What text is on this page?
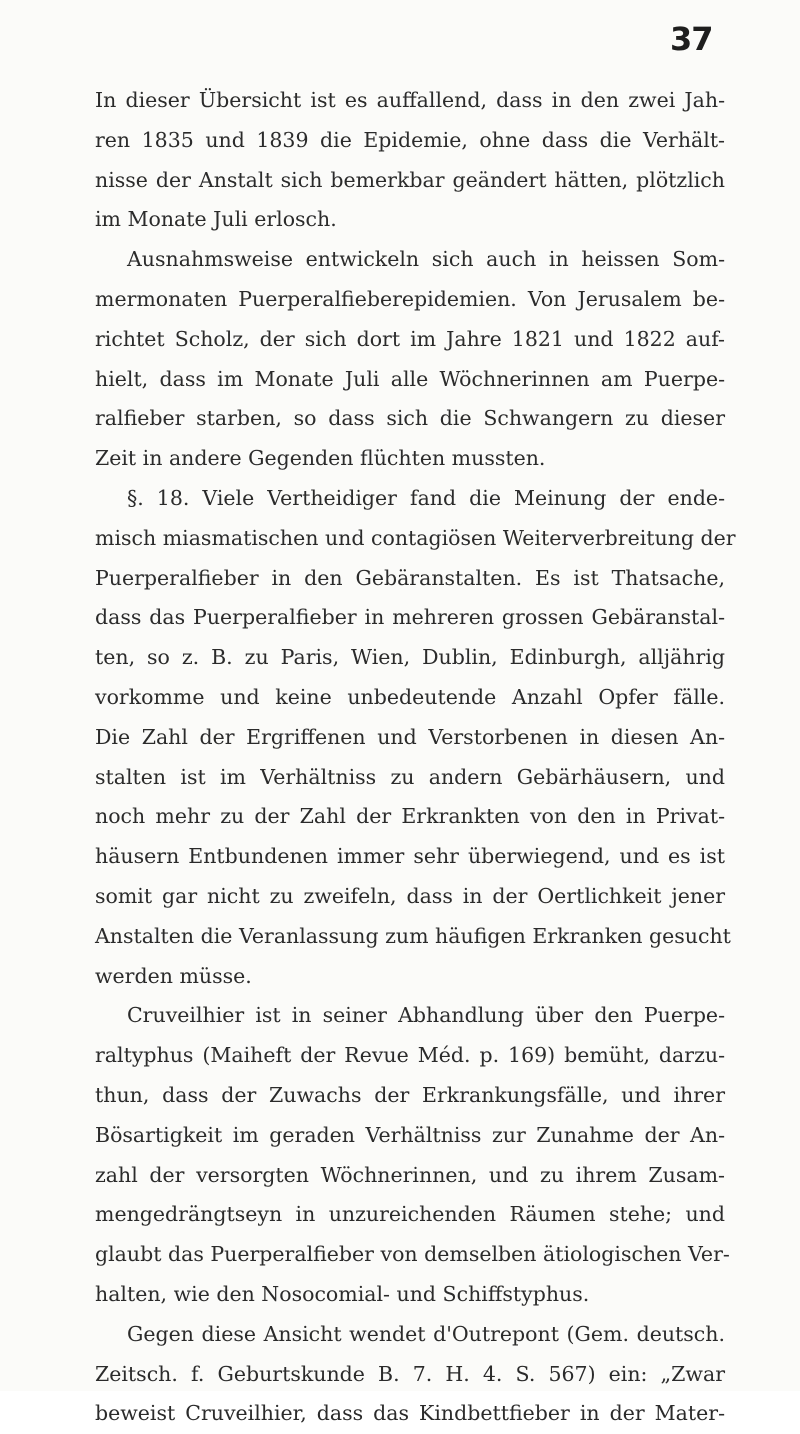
37
In dieser Übersicht ist es auffallend, dass in den zwei Jah-
ren 1835 und 1839 die Epidemie, ohne dass die Verhält-
nisse der Anstalt sich bemerkbar geändert hätten, plötzlich
im Monate Juli erlosch.
Ausnahmsweise entwickeln sich auch in heissen Som-
mermonaten Puerperalfieberepidemien. Von Jerusalem be-
richtet Scholz, der sich dort im Jahre 1821 und 1822 auf-
hielt, dass im Monate Juli alle Wöchnerinnen am Puerpe-
ralfieber starben, so dass sich die Schwangern zu dieser
Zeit in andere Gegenden flüchten mussten.
§. 18. Viele Vertheidiger fand die Meinung der ende-
misch miasmatischen und contagiösen Weiterverbreitung der
Puerperalfieber in den Gebäranstalten. Es ist Thatsache,
dass das Puerperalfieber in mehreren grossen Gebäranstal-
ten, so z. B. zu Paris, Wien, Dublin, Edinburgh, alljährig
vorkomme und keine unbedeutende Anzahl Opfer fälle.
Die Zahl der Ergriffenen und Verstorbenen in diesen An-
stalten ist im Verhältniss zu andern Gebärhäusern, und
noch mehr zu der Zahl der Erkrankten von den in Privat-
häusern Entbundenen immer sehr überwiegend, und es ist
somit gar nicht zu zweifeln, dass in der Oertlichkeit jener
Anstalten die Veranlassung zum häufigen Erkranken gesucht
werden müsse.
Cruveilhier ist in seiner Abhandlung über den Puerpe-
raltyphus (Maiheft der Revue Méd. p. 169) bemüht, darzu-
thun, dass der Zuwachs der Erkrankungsfälle, und ihrer
Bösartigkeit im geraden Verhältniss zur Zunahme der An-
zahl der versorgten Wöchnerinnen, und zu ihrem Zusam-
mengedrängtseyn in unzureichenden Räumen stehe; und
glaubt das Puerperalfieber von demselben ätiologischen Ver-
halten, wie den Nosocomial- und Schiffstyphus.
Gegen diese Ansicht wendet d'Outrepont (Gem. deutsch.
Zeitsch. f. Geburtskunde B. 7. H. 4. S. 567) ein: „Zwar
beweist Cruveilhier, dass das Kindbettfieber in der Mater-
